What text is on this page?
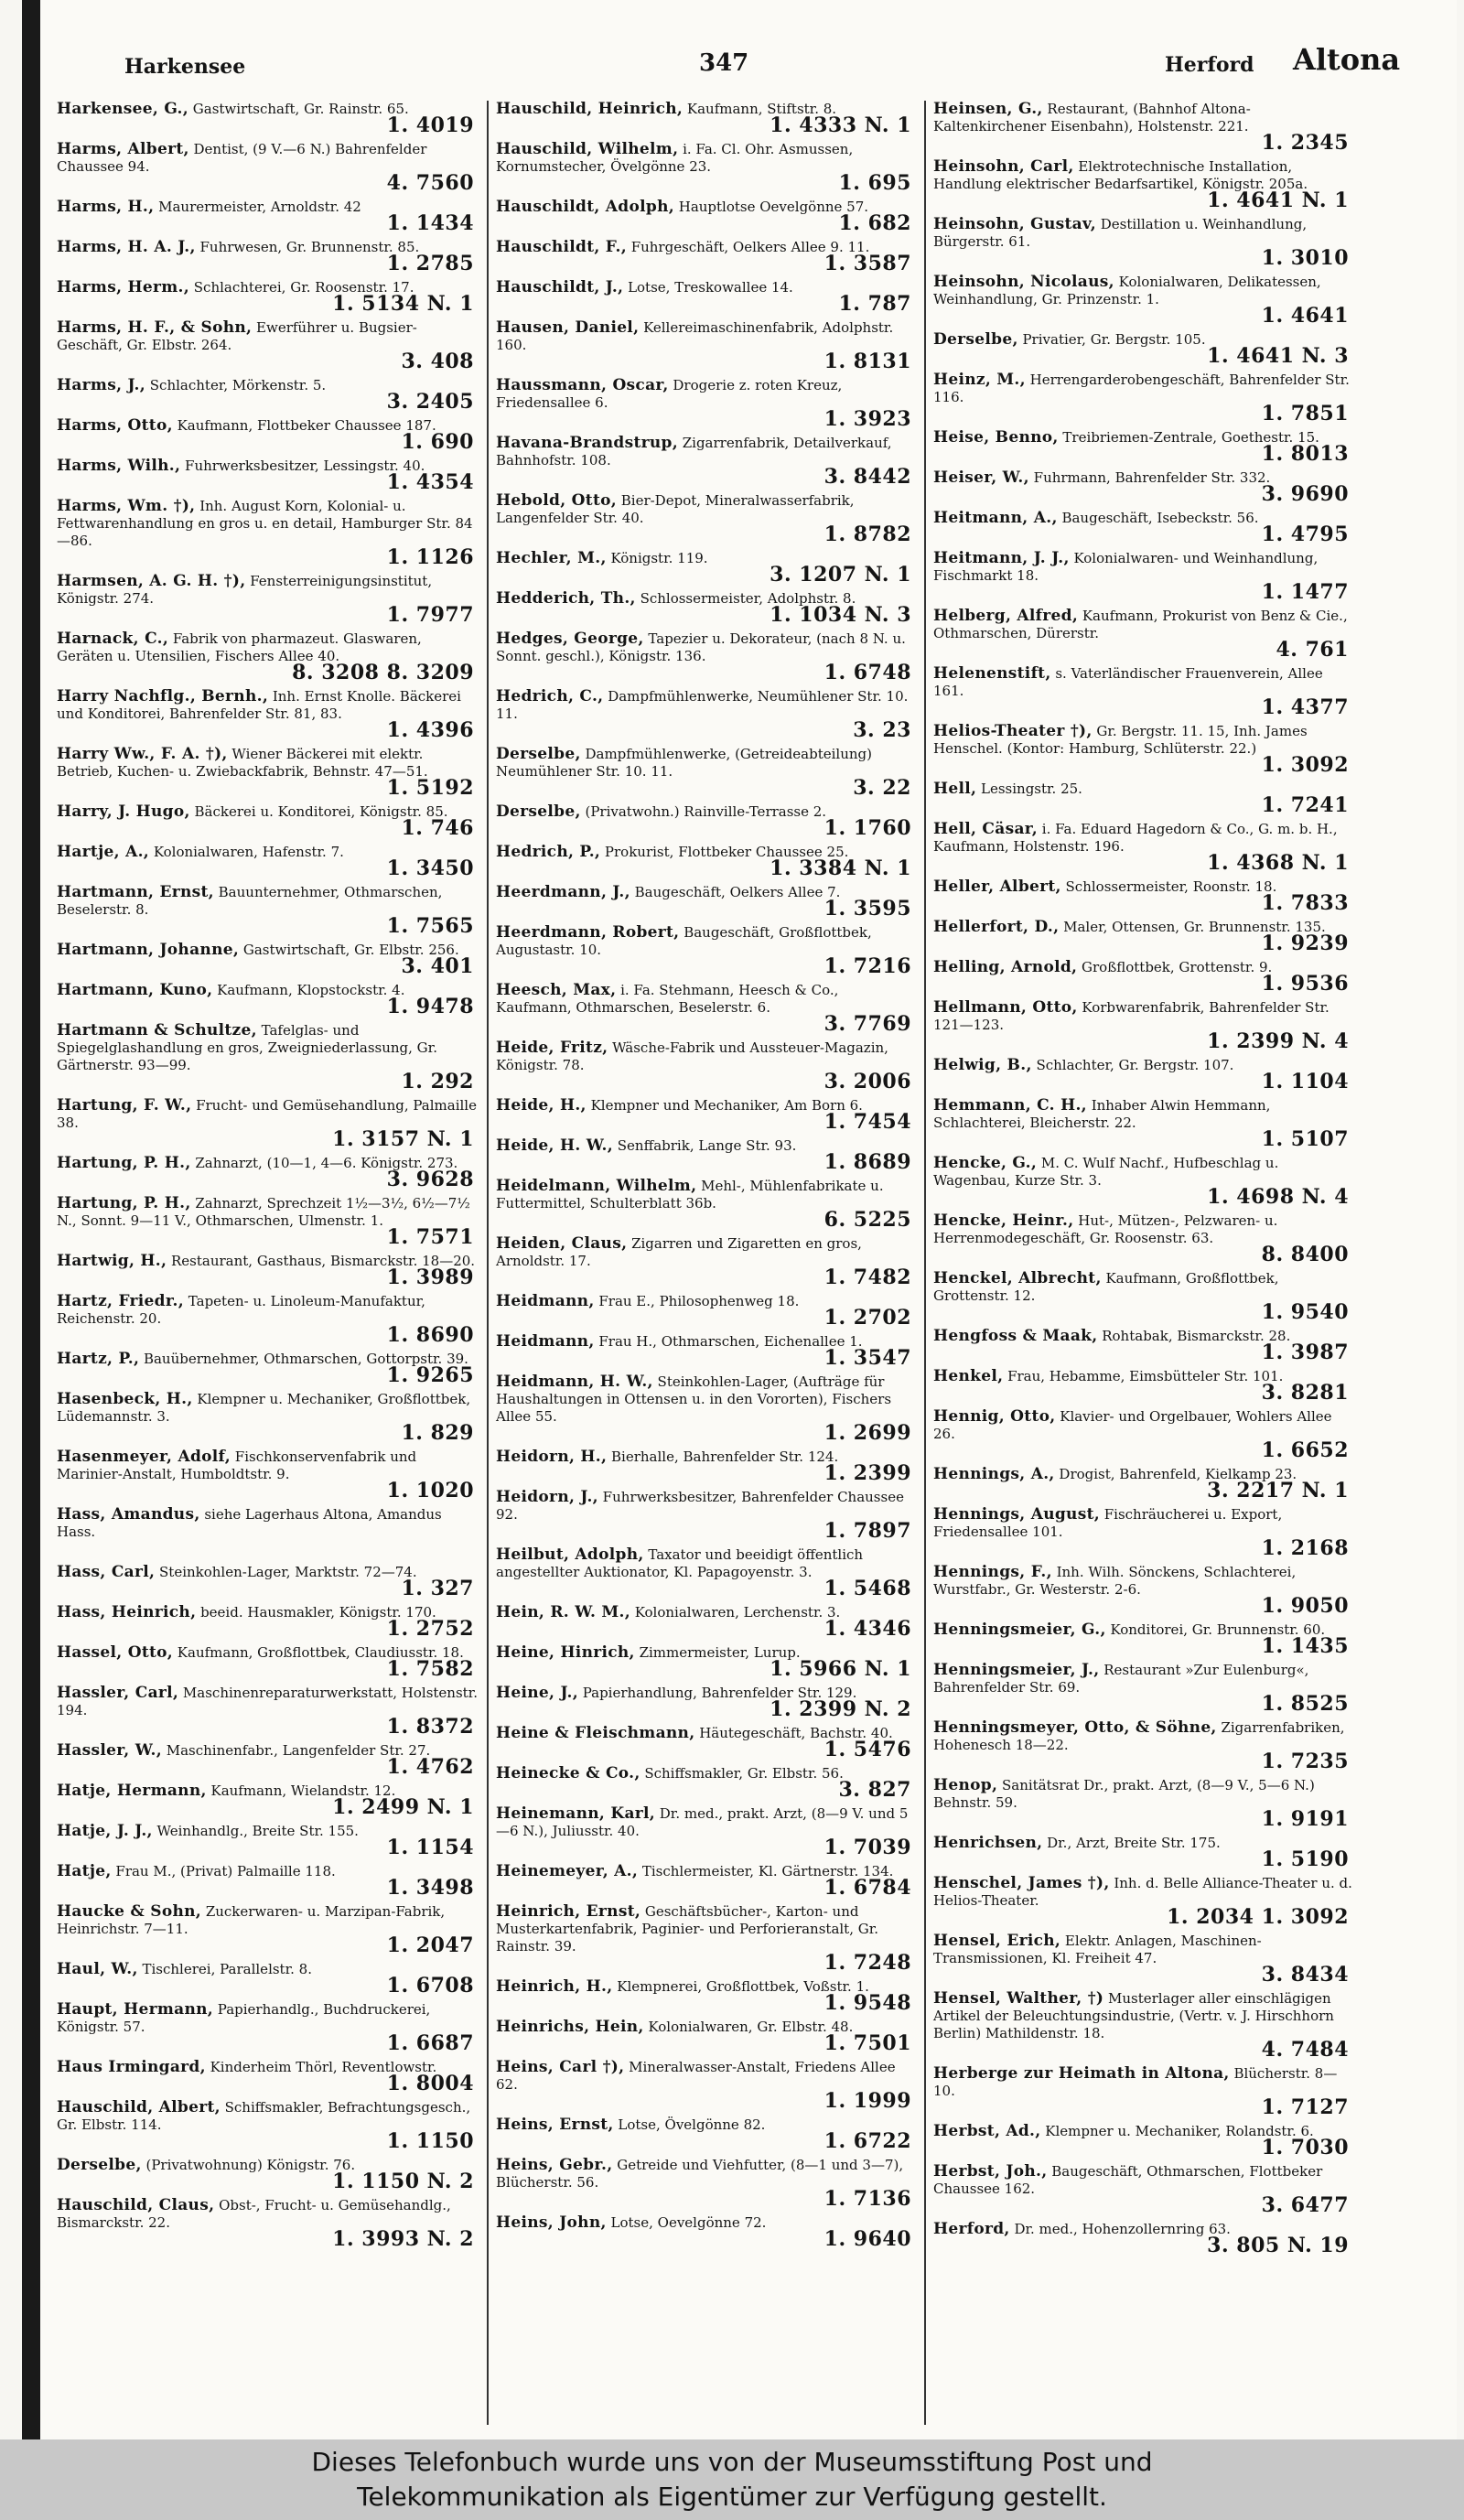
Harkensee	347	Herford Altona
Harkensee, G., Gastwirtschaft, Gr. Rainstr. 65.
1. 4019
Harms, Albert, Dentist, (9 V.—6 N.) Bahrenfelder Chaussee 94.
4. 7560
Harms, H., Maurermeister, Arnoldstr. 42
1. 1434
Harms, H. A. J., Fuhrwesen, Gr. Brunnenstr. 85.
1. 2785
Harms, Herm., Schlachterei, Gr. Roosenstr. 17.
1. 5134 N. 1
Harms, H. F., & Sohn, Ewerführer u. Bugsier-Geschäft, Gr. Elbstr. 264.
3. 408
Harms, J., Schlachter, Mörkenstr. 5.
3. 2405
Harms, Otto, Kaufmann, Flottbeker Chaussee 187.
1. 690
Harms, Wilh., Fuhrwerksbesitzer, Lessingstr. 40.
1. 4354
Harms, Wm. †), Inh. August Korn, Kolonial- u. Fettwarenhandlung en gros u. en detail, Hamburger Str. 84—86.
1. 1126
Harmsen, A. G. H. †), Fensterreinigungsinstitut, Königstr. 274.
1. 7977
Harnack, C., Fabrik von pharmazeut. Glaswaren, Geräten u. Utensilien, Fischers Allee 40.
8. 3208 8. 3209
Harry Nachflg., Bernh., Inh. Ernst Knolle. Bäckerei und Konditorei, Bahrenfelder Str. 81, 83.
1. 4396
Harry Ww., F. A. †), Wiener Bäckerei mit elektr. Betrieb, Kuchen- u. Zwiebackfabrik, Behnstr. 47—51.
1. 5192
Harry, J. Hugo, Bäckerei u. Konditorei, Königstr. 85.
1. 746
Hartje, A., Kolonialwaren, Hafenstr. 7.
1. 3450
Hartmann, Ernst, Bauunternehmer, Othmarschen, Beselerstr. 8.
1. 7565
Hartmann, Johanne, Gastwirtschaft, Gr. Elbstr. 256.
3. 401
Hartmann, Kuno, Kaufmann, Klopstockstr. 4.
1. 9478
Hartmann & Schultze, Tafelglas- und Spiegelglashandlung en gros, Zweigniederlassung, Gr. Gärtnerstr. 93—99.
1. 292
Hartung, F. W., Frucht- und Gemüsehandlung, Palmaille 38.
1. 3157 N. 1
Hartung, P. H., Zahnarzt, (10—1, 4—6. Königstr. 273.
3. 9628
Hartung, P. H., Zahnarzt, Sprechzeit 1½—3½, 6½—7½ N., Sonnt. 9—11 V., Othmarschen, Ulmenstr. 1.
1. 7571
Hartwig, H., Restaurant, Gasthaus, Bismarckstr. 18—20.
1. 3989
Hartz, Friedr., Tapeten- u. Linoleum-Manufaktur, Reichenstr. 20.
1. 8690
Hartz, P., Bauübernehmer, Othmarschen, Gottorpstr. 39.
1. 9265
Hasenbeck, H., Klempner u. Mechaniker, Großflottbek, Lüdemannstr. 3.
1. 829
Hasenmeyer, Adolf, Fischkonservenfabrik und Marinier-Anstalt, Humboldtstr. 9.
1. 1020
Hass, Amandus, siehe Lagerhaus Altona, Amandus Hass.
Hass, Carl, Steinkohlen-Lager, Marktstr. 72—74.
1. 327
Hass, Heinrich, beeid. Hausmakler, Königstr. 170.
1. 2752
Hassel, Otto, Kaufmann, Großflottbek, Claudiusstr. 18.
1. 7582
Hassler, Carl, Maschinenreparaturwerkstatt, Holstenstr. 194.
1. 8372
Hassler, W., Maschinenfabr., Langenfelder Str. 27.
1. 4762
Hatje, Hermann, Kaufmann, Wielandstr. 12.
1. 2499 N. 1
Hatje, J. J., Weinhandlg., Breite Str. 155.
1. 1154
Hatje, Frau M., (Privat) Palmaille 118.
1. 3498
Haucke & Sohn, Zuckerwaren- u. Marzipan-Fabrik, Heinrichstr. 7—11.
1. 2047
Haul, W., Tischlerei, Parallelstr. 8.
1. 6708
Haupt, Hermann, Papierhandlg., Buchdruckerei, Königstr. 57.
1. 6687
Haus Irmingard, Kinderheim Thörl, Reventlowstr.
1. 8004
Hauschild, Albert, Schiffsmakler, Befrachtungsgesch., Gr. Elbstr. 114.
1. 1150
Derselbe, (Privatwohnung) Königstr. 76.
1. 1150 N. 2
Hauschild, Claus, Obst-, Frucht- u. Gemüsehandlg., Bismarckstr. 22.
1. 3993 N. 2
Hauschild, Heinrich, Kaufmann, Stiftstr. 8.
1. 4333 N. 1
Hauschild, Wilhelm, i. Fa. Cl. Ohr. Asmussen, Kornumstecher, Övelgönne 23.
1. 695
Hauschildt, Adolph, Hauptlotse Oevelgönne 57.
1. 682
Hauschildt, F., Fuhrgeschäft, Oelkers Allee 9. 11.
1. 3587
Hauschildt, J., Lotse, Treskowallee 14.
1. 787
Hausen, Daniel, Kellereimaschinenfabrik, Adolphstr. 160.
1. 8131
Haussmann, Oscar, Drogerie z. roten Kreuz, Friedensallee 6.
1. 3923
Havana-Brandstrup, Zigarrenfabrik, Detailverkauf, Bahnhofstr. 108.
3. 8442
Hebold, Otto, Bier-Depot, Mineralwasserfabrik, Langenfelder Str. 40.
1. 8782
Hechler, M., Königstr. 119.
3. 1207 N. 1
Hedderich, Th., Schlossermeister, Adolphstr. 8.
1. 1034 N. 3
Hedges, George, Tapezier u. Dekorateur, (nach 8 N. u. Sonnt. geschl.), Königstr. 136.
1. 6748
Hedrich, C., Dampfmühlenwerke, Neumühlener Str. 10. 11.
3. 23
Derselbe, Dampfmühlenwerke, (Getreideabteilung) Neumühlener Str. 10. 11.
3. 22
Derselbe, (Privatwohn.) Rainville-Terrasse 2.
1. 1760
Hedrich, P., Prokurist, Flottbeker Chaussee 25.
1. 3384 N. 1
Heerdmann, J., Baugeschäft, Oelkers Allee 7.
1. 3595
Heerdmann, Robert, Baugeschäft, Großflottbek, Augustastr. 10.
1. 7216
Heesch, Max, i. Fa. Stehmann, Heesch & Co., Kaufmann, Othmarschen, Beselerstr. 6.
3. 7769
Heide, Fritz, Wäsche-Fabrik und Aussteuer-Magazin, Königstr. 78.
3. 2006
Heide, H., Klempner und Mechaniker, Am Born 6.
1. 7454
Heide, H. W., Senffabrik, Lange Str. 93.
1. 8689
Heidelmann, Wilhelm, Mehl-, Mühlenfabrikate u. Futtermittel, Schulterblatt 36b.
6. 5225
Heiden, Claus, Zigarren und Zigaretten en gros, Arnoldstr. 17.
1. 7482
Heidmann, Frau E., Philosophenweg 18.
1. 2702
Heidmann, Frau H., Othmarschen, Eichenallee 1.
1. 3547
Heidmann, H. W., Steinkohlen-Lager, (Aufträge für Haushaltungen in Ottensen u. in den Vororten), Fischers Allee 55.
1. 2699
Heidorn, H., Bierhalle, Bahrenfelder Str. 124.
1. 2399
Heidorn, J., Fuhrwerksbesitzer, Bahrenfelder Chaussee 92.
1. 7897
Heilbut, Adolph, Taxator und beeidigt öffentlich angestellter Auktionator, Kl. Papagoyenstr. 3.
1. 5468
Hein, R. W. M., Kolonialwaren, Lerchenstr. 3.
1. 4346
Heine, Hinrich, Zimmermeister, Lurup.
1. 5966 N. 1
Heine, J., Papierhandlung, Bahrenfelder Str. 129.
1. 2399 N. 2
Heine & Fleischmann, Häutegeschäft, Bachstr. 40.
1. 5476
Heinecke & Co., Schiffsmakler, Gr. Elbstr. 56.
3. 827
Heinemann, Karl, Dr. med., prakt. Arzt, (8—9 V. und 5—6 N.), Juliusstr. 40.
1. 7039
Heinemeyer, A., Tischlermeister, Kl. Gärtnerstr. 134.
1. 6784
Heinrich, Ernst, Geschäftsbücher-, Karton- und Musterkartenfabrik, Paginier- und Perforieranstalt, Gr. Rainstr. 39.
1. 7248
Heinrich, H., Klempnerei, Großflottbek, Voßstr. 1.
1. 9548
Heinrichs, Hein, Kolonialwaren, Gr. Elbstr. 48.
1. 7501
Heins, Carl †), Mineralwasser-Anstalt, Friedens Allee 62.
1. 1999
Heins, Ernst, Lotse, Övelgönne 82.
1. 6722
Heins, Gebr., Getreide und Viehfutter, (8—1 und 3—7), Blücherstr. 56.
1. 7136
Heins, John, Lotse, Oevelgönne 72.
1. 9640
Heinsen, G., Restaurant, (Bahnhof Altona-Kaltenkirchener Eisenbahn), Holstenstr. 221.
1. 2345
Heinsohn, Carl, Elektrotechnische Installation, Handlung elektrischer Bedarfsartikel, Königstr. 205a.
1. 4641 N. 1
Heinsohn, Gustav, Destillation u. Weinhandlung, Bürgerstr. 61.
1. 3010
Heinsohn, Nicolaus, Kolonialwaren, Delikatessen, Weinhandlung, Gr. Prinzenstr. 1.
1. 4641
Derselbe, Privatier, Gr. Bergstr. 105.
1. 4641 N. 3
Heinz, M., Herrengarderobengeschäft, Bahrenfelder Str. 116.
1. 7851
Heise, Benno, Treibriemen-Zentrale, Goethestr. 15.
1. 8013
Heiser, W., Fuhrmann, Bahrenfelder Str. 332.
3. 9690
Heitmann, A., Baugeschäft, Isebeckstr. 56.
1. 4795
Heitmann, J. J., Kolonialwaren- und Weinhandlung, Fischmarkt 18.
1. 1477
Helberg, Alfred, Kaufmann, Prokurist von Benz & Cie., Othmarschen, Dürerstr.
4. 761
Helenenstift, s. Vaterländischer Frauenverein, Allee 161.
1. 4377
Helios-Theater †), Gr. Bergstr. 11. 15, Inh. James Henschel. (Kontor: Hamburg, Schlüterstr. 22.)
1. 3092
Hell, Lessingstr. 25.
1. 7241
Hell, Cäsar, i. Fa. Eduard Hagedorn & Co., G. m. b. H., Kaufmann, Holstenstr. 196.
1. 4368 N. 1
Heller, Albert, Schlossermeister, Roonstr. 18.
1. 7833
Hellerfort, D., Maler, Ottensen, Gr. Brunnenstr. 135.
1. 9239
Helling, Arnold, Großflottbek, Grottenstr. 9.
1. 9536
Hellmann, Otto, Korbwarenfabrik, Bahrenfelder Str. 121—123.
1. 2399 N. 4
Helwig, B., Schlachter, Gr. Bergstr. 107.
1. 1104
Hemmann, C. H., Inhaber Alwin Hemmann, Schlachterei, Bleicherstr. 22.
1. 5107
Hencke, G., M. C. Wulf Nachf., Hufbeschlag u. Wagenbau, Kurze Str. 3.
1. 4698 N. 4
Hencke, Heinr., Hut-, Mützen-, Pelzwaren- u. Herrenmodegeschäft, Gr. Roosenstr. 63.
8. 8400
Henckel, Albrecht, Kaufmann, Großflottbek, Grottenstr. 12.
1. 9540
Hengfoss & Maak, Rohtabak, Bismarckstr. 28.
1. 3987
Henkel, Frau, Hebamme, Eimsbütteler Str. 101.
3. 8281
Hennig, Otto, Klavier- und Orgelbauer, Wohlers Allee 26.
1. 6652
Hennings, A., Drogist, Bahrenfeld, Kielkamp 23.
3. 2217 N. 1
Hennings, August, Fischräucherei u. Export, Friedensallee 101.
1. 2168
Hennings, F., Inh. Wilh. Sönckens, Schlachterei, Wurstfabr., Gr. Westerstr. 2-6.
1. 9050
Henningsmeier, G., Konditorei, Gr. Brunnenstr. 60.
1. 1435
Henningsmeier, J., Restaurant »Zur Eulenburg«, Bahrenfelder Str. 69.
1. 8525
Henningsmeyer, Otto, & Söhne, Zigarrenfabriken, Hohenesch 18—22.
1. 7235
Henop, Sanitätsrat Dr., prakt. Arzt, (8—9 V., 5—6 N.) Behnstr. 59.
1. 9191
Henrichsen, Dr., Arzt, Breite Str. 175.
1. 5190
Henschel, James †), Inh. d. Belle Alliance-Theater u. d. Helios-Theater.
1. 2034 1. 3092
Hensel, Erich, Elektr. Anlagen, Maschinen-Transmissionen, Kl. Freiheit 47.
3. 8434
Hensel, Walther, †) Musterlager aller einschlägigen Artikel der Beleuchtungsindustrie, (Vertr. v. J. Hirschhorn Berlin) Mathildenstr. 18.
4. 7484
Herberge zur Heimath in Altona, Blücherstr. 8—10.
1. 7127
Herbst, Ad., Klempner u. Mechaniker, Rolandstr. 6.
1. 7030
Herbst, Joh., Baugeschäft, Othmarschen, Flottbeker Chaussee 162.
3. 6477
Herford, Dr. med., Hohenzollernring 63.
3. 805 N. 19
Dieses Telefonbuch wurde uns von der Museumsstiftung Post und
Telekommunikation als Eigentümer zur Verfügung gestellt.
